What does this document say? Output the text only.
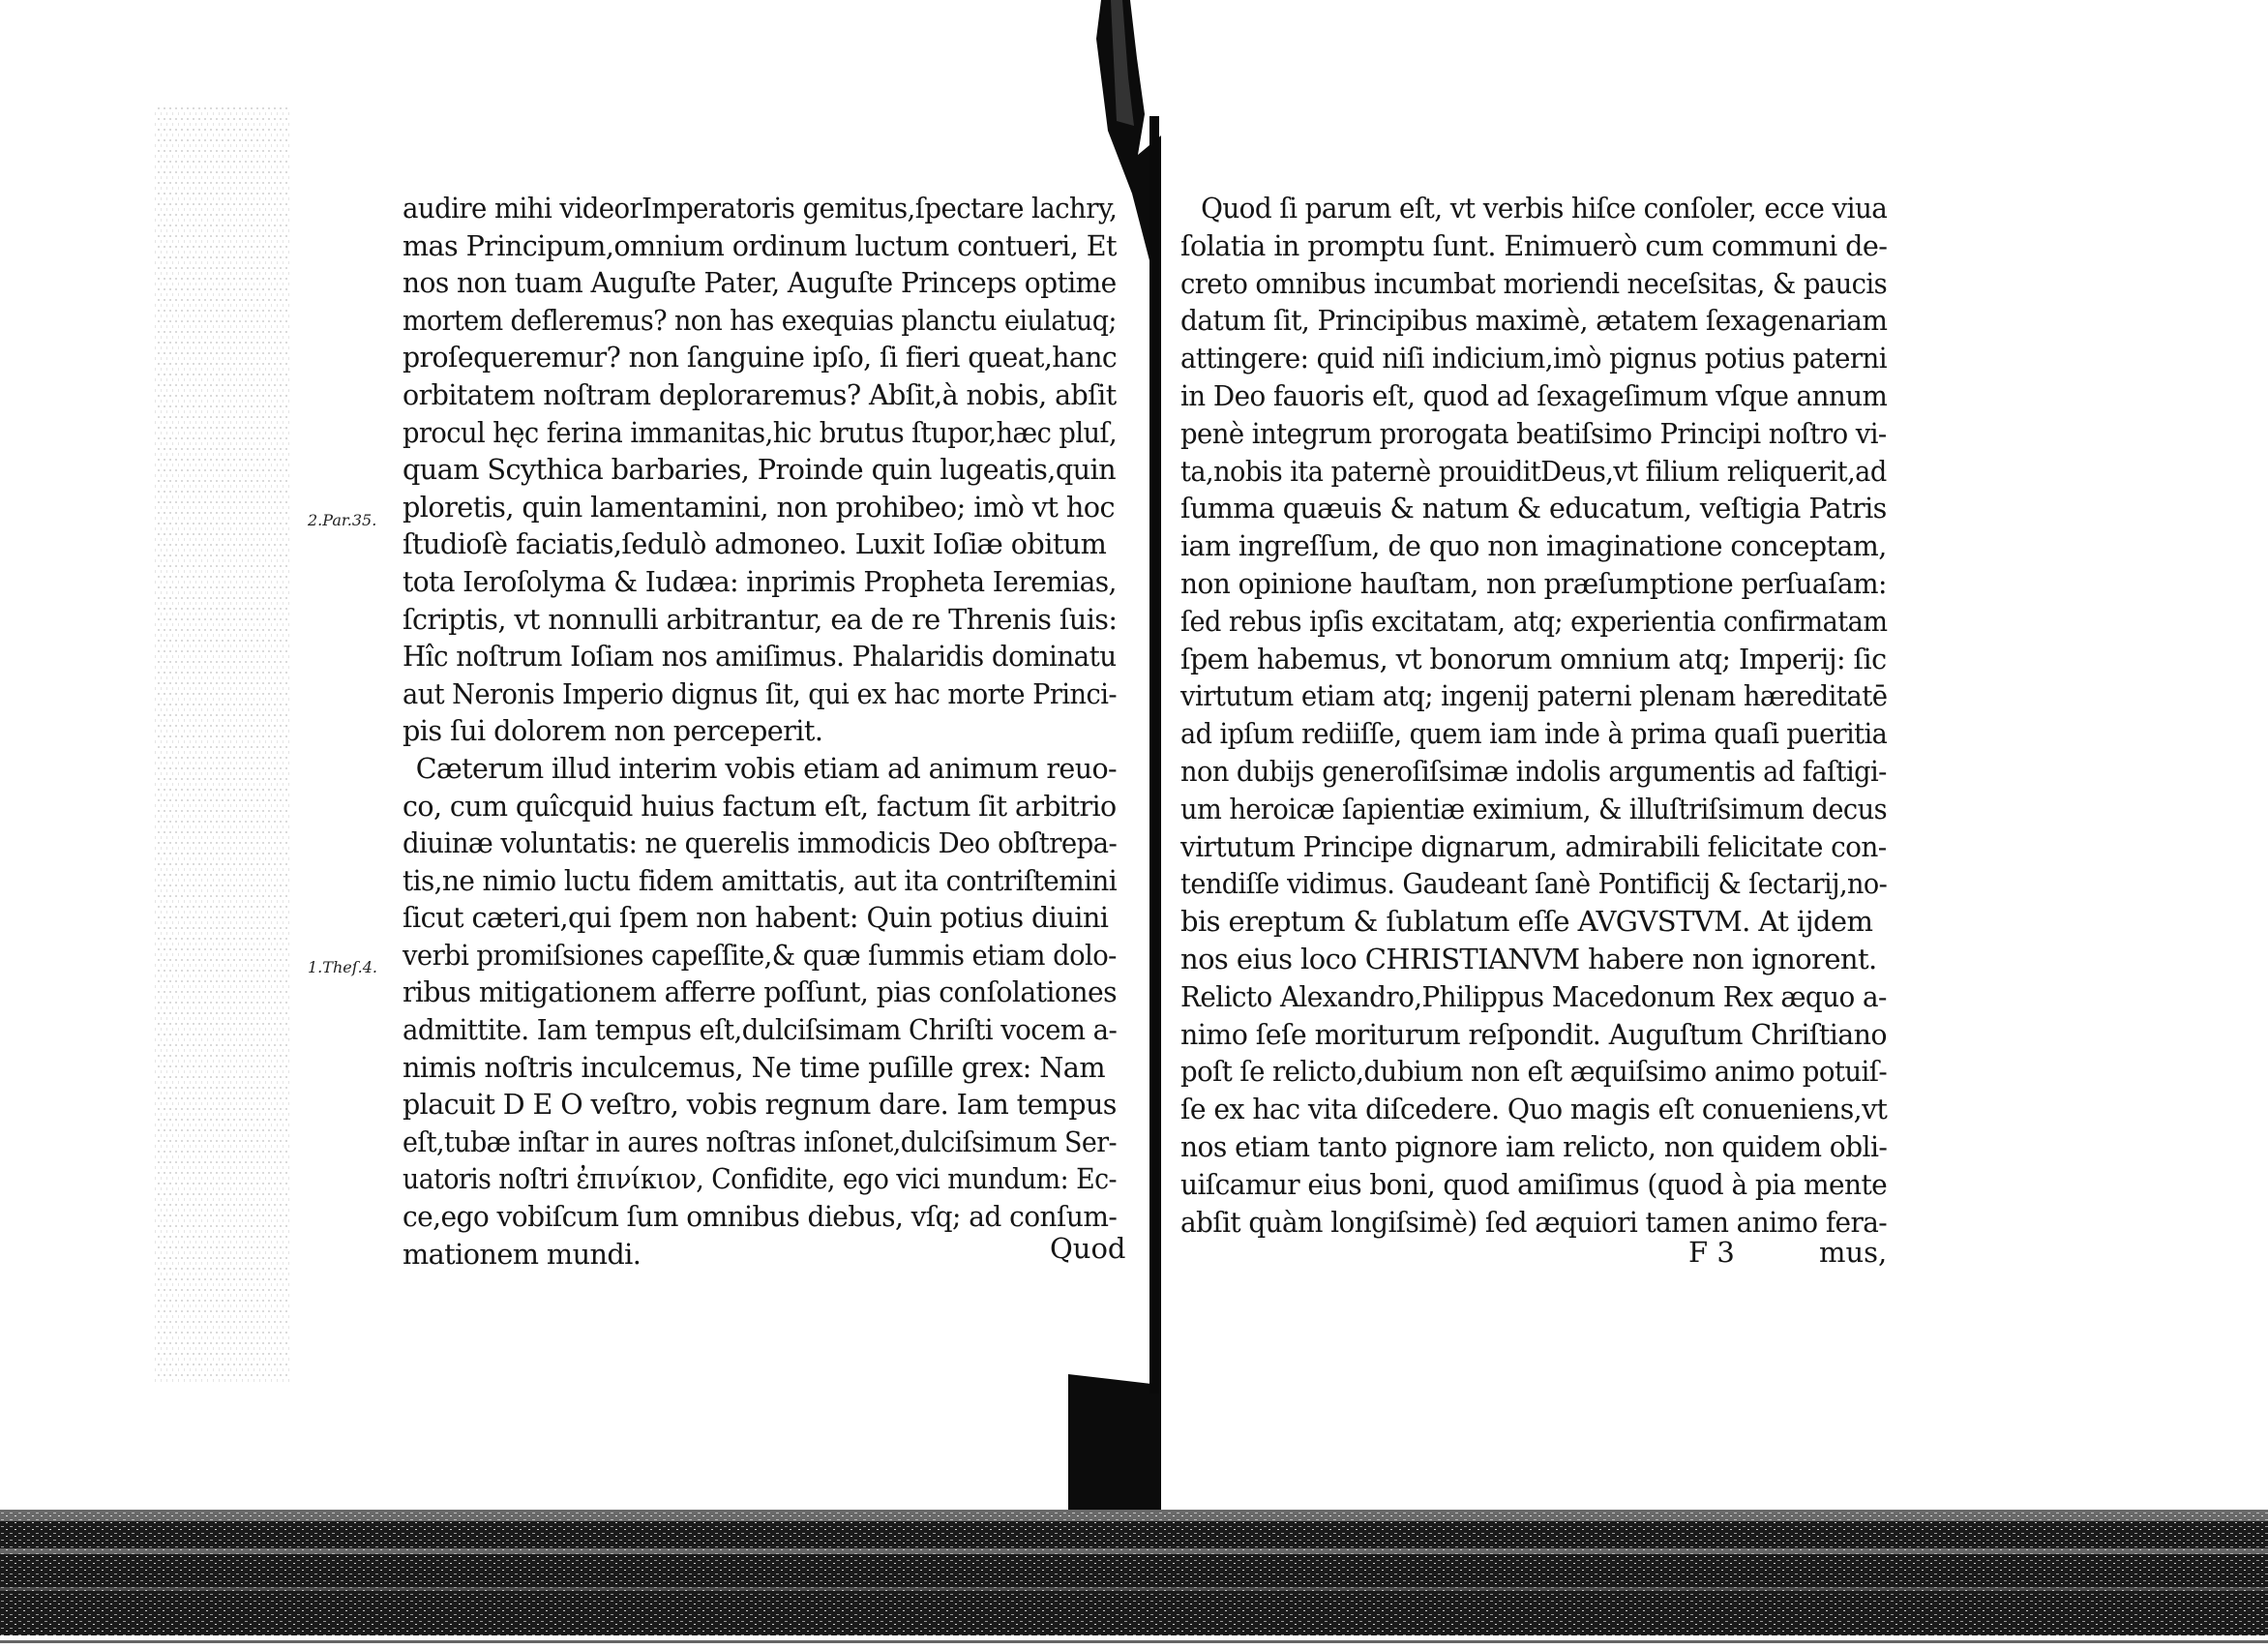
audire mihi videorImperatoris gemitus,ſpectare lachry,
mas Principum,omnium ordinum luctum contueri, Et
nos non tuam Auguſte Pater, Auguſte Princeps optime
mortem defleremus? non has exequias planctu eiulatuq;
proſequeremur? non ſanguine ipſo, ſi fieri queat,hanc
orbitatem noſtram deploraremus? Abſit,à nobis, abſit
procul hęc ferina immanitas,hic brutus ſtupor,hæc pluſ,
quam Scythica barbaries, Proinde quin lugeatis,quin
ploretis, quin lamentamini, non prohibeo; imò vt hoc
ſtudioſè faciatis,ſedulò admoneo. Luxit Ioſiæ obitum
tota Ieroſolyma & Iudæa: inprimis Propheta Ieremias,
ſcriptis, vt nonnulli arbitrantur, ea de re Threnis ſuis:
Hîc noſtrum Ioſiam nos amiſimus. Phalaridis dominatu
aut Neronis Imperio dignus ſit, qui ex hac morte Princi-
pis ſui dolorem non perceperit.
Cæterum illud interim vobis etiam ad animum reuo-
co, cum quîcquid huius factum eſt, factum ſit arbitrio
diuinæ voluntatis: ne querelis immodicis Deo obſtrepa-
tis,ne nimio luctu fidem amittatis, aut ita contriſtemini
ſicut cæteri,qui ſpem non habent: Quin potius diuini
verbi promiſsiones capeſſite,& quæ ſummis etiam dolo-
ribus mitigationem afferre poſſunt, pias conſolationes
admittite. Iam tempus eſt,dulciſsimam Chriſti vocem a-
nimis noſtris inculcemus, Ne time puſille grex: Nam
placuit D E O veſtro, vobis regnum dare. Iam tempus
eſt,tubæ inſtar in aures noſtras inſonet,dulciſsimum Ser-
uatoris noſtri ἐπινίκιον, Confidite, ego vici mundum: Ec-
ce,ego vobiſcum ſum omnibus diebus, vſq; ad conſum-
mationem mundi.
2.Par.35.
1.Theſ.4.
Quod
Quod ſi parum eſt, vt verbis hiſce conſoler, ecce viua
ſolatia in promptu ſunt. Enimuerò cum communi de-
creto omnibus incumbat moriendi neceſsitas, & paucis
datum ſit, Principibus maximè, ætatem ſexagenariam
attingere: quid niſi indicium,imò pignus potius paterni
in Deo fauoris eſt, quod ad ſexageſimum vſque annum
penè integrum prorogata beatiſsimo Principi noſtro vi-
ta,nobis ita paternè prouiditDeus,vt filium reliquerit,ad
ſumma quæuis & natum & educatum, veſtigia Patris
iam ingreſſum, de quo non imaginatione conceptam,
non opinione hauſtam, non præſumptione perſuaſam:
ſed rebus ipſis excitatam, atq; experientia confirmatam
ſpem habemus, vt bonorum omnium atq; Imperij: ſic
virtutum etiam atq; ingenij paterni plenam hæreditatē
ad ipſum rediiſſe, quem iam inde à prima quaſi pueritia
non dubijs generoſiſsimæ indolis argumentis ad faſtigi-
um heroicæ ſapientiæ eximium, & illuſtriſsimum decus
virtutum Principe dignarum, admirabili felicitate con-
tendiſſe vidimus. Gaudeant ſanè Pontificij & ſectarij,no-
bis ereptum & ſublatum eſſe AVGVSTVM. At ijdem
nos eius loco CHRISTIANVM habere non ignorent.
Relicto Alexandro,Philippus Macedonum Rex æquo a-
nimo ſeſe moriturum reſpondit. Auguſtum Chriſtiano
poſt ſe relicto,dubium non eſt æquiſsimo animo potuiſ-
ſe ex hac vita diſcedere. Quo magis eſt conueniens,vt
nos etiam tanto pignore iam relicto, non quidem obli-
uiſcamur eius boni, quod amiſimus (quod à pia mente
abſit quàm longiſsimè) ſed æquiori tamen animo fera-
F 3	mus,
